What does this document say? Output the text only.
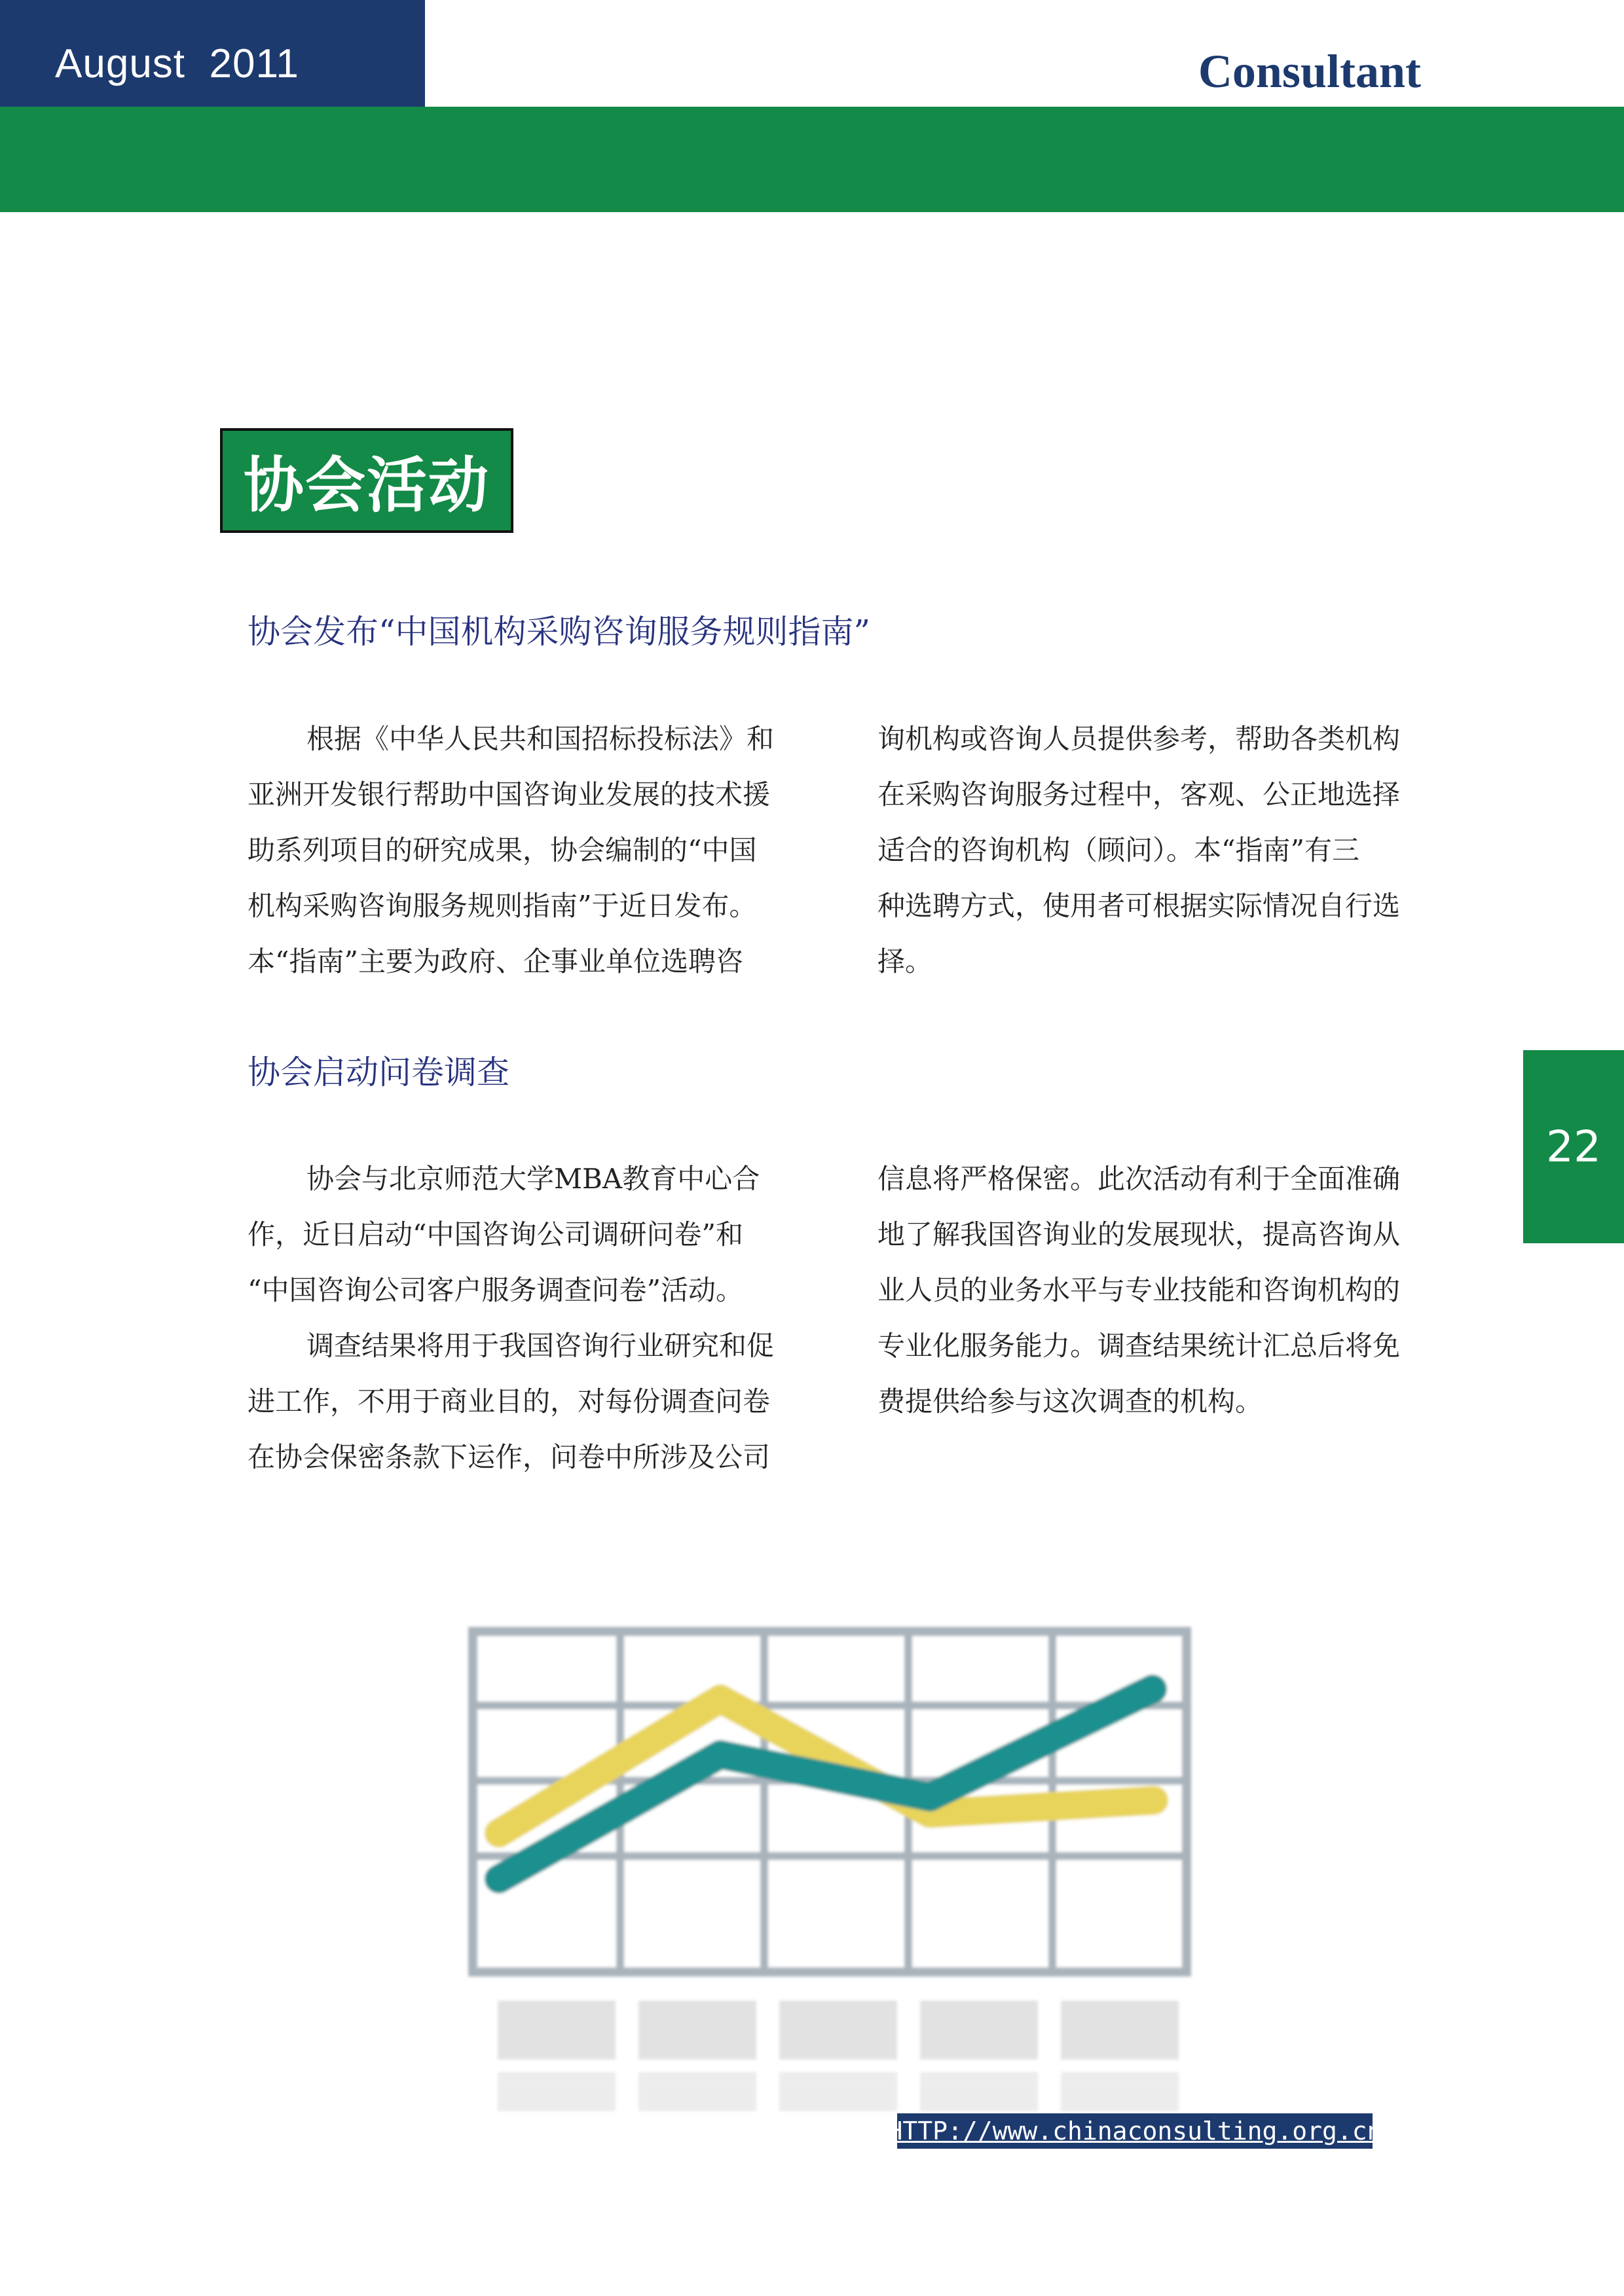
August  2011	Consultant
协会活动
协会发布“中国机构采购咨询服务规则指南”

根据《中华人民共和国招标投标法》和

亚洲开发银行帮助中国咨询业发展的技术援

助系列项目的研究成果，协会编制的“中国

机构采购咨询服务规则指南”于近日发布。

本“指南”主要为政府、企事业单位选聘咨

询机构或咨询人员提供参考，帮助各类机构

在采购咨询服务过程中，客观、公正地选择

适合的咨询机构（顾问）。本“指南”有三

种选聘方式，使用者可根据实际情况自行选

择。

协会启动问卷调查

协会与北京师范大学MBA教育中心合

作，近日启动“中国咨询公司调研问卷”和

“中国咨询公司客户服务调查问卷”活动。

调查结果将用于我国咨询行业研究和促

进工作，不用于商业目的，对每份调查问卷

在协会保密条款下运作，问卷中所涉及公司

信息将严格保密。此次活动有利于全面准确

地了解我国咨询业的发展现状，提高咨询从

业人员的业务水平与专业技能和咨询机构的

专业化服务能力。调查结果统计汇总后将免

费提供给参与这次调查的机构。

22
HTTP://www.chinaconsulting.org.cn
